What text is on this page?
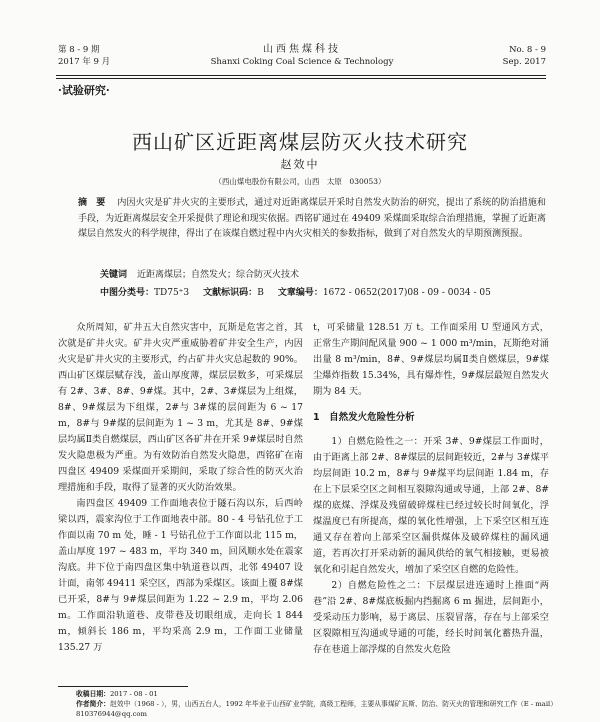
第 8 - 9 期
2017 年 9 月
山西焦煤科技
Shanxi Coking Coal Science & Technology
No. 8 - 9
Sep. 2017
·试验研究·
西山矿区近距离煤层防灭火技术研究
赵效中
（西山煤电股份有限公司，山西　太原　030053）
摘　要 内因火灾是矿井火灾的主要形式，通过对近距离煤层开采时自然发火防治的研究，提出了系统的防治措施和手段，为近距离煤层安全开采提供了理论和现实依据。西铭矿通过在 49409 采煤面采取综合治理措施，掌握了近距离煤层自然发火的科学规律，得出了在该煤自燃过程中内火灾相关的参数指标，做到了对自然发火的早期预测预报。
关键词 近距离煤层；自然发火；综合防灭火技术
中图分类号：TD75⁺3 文献标识码：B 文章编号：1672 - 0652(2017)08 - 09 - 0034 - 05

众所周知，矿井五大自然灾害中，瓦斯是危害之首，其次就是矿井火灾。矿井火灾严重威胁着矿井安全生产，内因火灾是矿井火灾的主要形式，约占矿井火灾总起数的 90%。西山矿区煤层赋存浅，盖山厚度薄，煤层层数多，可采煤层有 2#、3#、8#、9#煤。其中，2#、3#煤层为上组煤，8#、9#煤层为下组煤，2#与 3#煤的层间距为 6 ~ 17 m，8#与 9#煤的层间距为 1 ~ 3 m，尤其是 8#、9#煤层均属Ⅱ类自燃煤层，西山矿区各矿井在开采 9#煤层时自然发火隐患极为严重。为有效防治自然发火隐患，西铭矿在南四盘区 49409 采煤面开采期间，采取了综合性的防灭火治理措施和手段，取得了显著的灭火防治效果。

南四盘区 49409 工作面地表位于隧石沟以东，后西岭梁以西，震家沟位于工作面地表中部。80 - 4 号钻孔位于工作面以南 70 m 处，睡 - 1 号钻孔位于工作面以北 115 m，盖山厚度 197 ~ 483 m，平均 340 m，回风顺水处在震家沟底。井下位于南四盘区集中轨道巷以西，北邻 49407 设计面，南邻 49411 采空区，西部为采煤区。该面上覆 8#煤已开采，8#与 9#煤层间距为 1.22 ~ 2.9 m，平均 2.06 m。工作面沿轨道巷、皮带巷及切眼组成，走向长 1 844 m，倾斜长 186 m，平均采高 2.9 m，工作面工业储量 135.27 万

t，可采储量 128.51 万 t。工作面采用 U 型通风方式，正常生产期间配风量 900 ~ 1 000 m³/min，瓦斯绝对涌出量 8 m³/min，8#、9#煤层均属Ⅱ类自燃煤层，9#煤尘爆炸指数 15.34%，具有爆炸性，9#煤层最短自然发火期为 84 天。

1　自然发火危险性分析

1）自燃危险性之一：开采 3#、9#煤层工作面时，由于距离上部 2#、8#煤层的层间距较近，2#与 3#煤平均层间距 10.2 m，8#与 9#煤平均层间距 1.84 m，存在上下层采空区之间相互裂隙沟通或导通，上部 2#、8#煤的底煤、浮煤及残留破碎煤柱已经过较长时间氧化，浮煤温度已有所提高，煤的氧化性增强，上下采空区相互连通又存在着向上部采空区漏供煤体及破碎煤柱的漏风通道，若再次打开采动新的漏风供给的氧气相接触，更易被氧化和引起自然发火，增加了采空区自燃的危险性。

2）自燃危险性之二：下层煤层进连通时上推面“两巷”沿 2#、8#煤底板掘内挡掘离 6 m 掘进，层间距小，受采动压力影响，易于离层、压裂冒落，存在与上部采空区裂隙相互沟通或导通的可能，经长时间氧化蓄热升温，存在巷道上部浮煤的自然发火危险

收稿日期：2017 - 08 - 01
作者简介：赵效中（1968 - ），男，山西五台人，1992 年毕业于山西矿业学院，高级工程师，主要从事煤矿瓦斯、防治、防灭火的管理和研究工作（E - mail）810376944@qq.com
